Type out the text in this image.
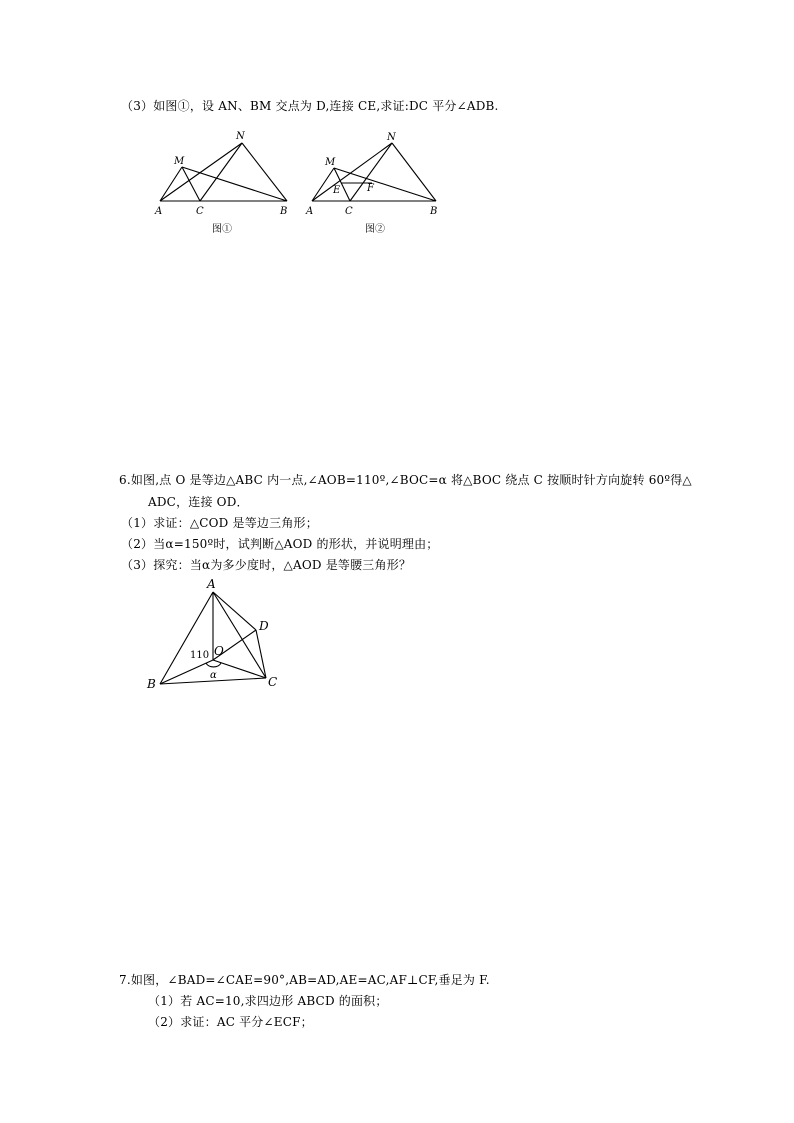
（3）如图①，设 AN、BM 交点为 D,连接 CE,求证:DC 平分∠ADB.
A	C	B
M
N
图①
A	C	B
M
N
E	F
图②
6.如图,点 O 是等边△ABC 内一点,∠AOB=110º,∠BOC=α 将△BOC 绕点 C 按顺时针方向旋转 60º得△
ADC，连接 OD．
（1）求证：△COD 是等边三角形；
（2）当α=150º时，试判断△AOD 的形状，并说明理由；
（3）探究：当α为多少度时，△AOD 是等腰三角形？
A
B	C
D
O
110
α
7.如图，∠BAD=∠CAE=90°,AB=AD,AE=AC,AF⊥CF,垂足为 F.
（1）若 AC=10,求四边形 ABCD 的面积；
（2）求证：AC 平分∠ECF；
